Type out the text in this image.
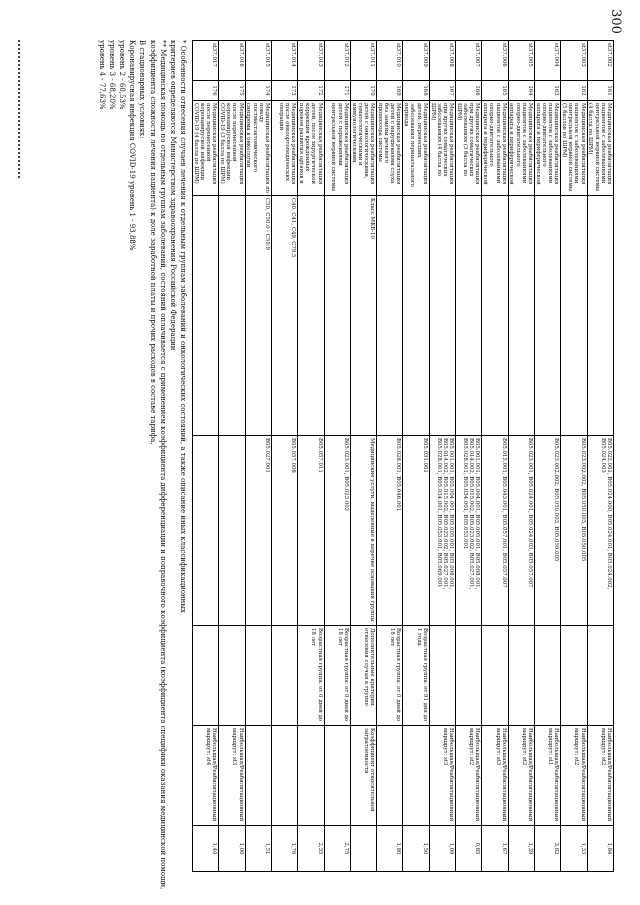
300
st37.002
161
Медицинская реабилитация пациентов с заболеваниями центральной нервной системы (4 балла по ШРМ)
B05.023.001, B05.024.000, B05.024.001, B05.024.002, B05.024.003
Наибольшая/Реабилитационный маршрут: st2
1,84
st37.003
162
Медицинская реабилитация пациентов с заболеваниями центральной нервной системы (5 баллов по ШРМ)
B05.023.002.002, B05.050.003, B05.050.005
Наибольшая/Реабилитационный маршрут: st2
1,33
st37.004
163
Медицинская реабилитация пациентов с заболеваниями опорно-двигательного аппарата и периферической
B05.023.002.002, B05.050.003, B05.050.005
Наибольшая/Реабилитационный маршрут: st1
3,82
st37.005
164
Медицинская реабилитация пациентов с заболеваниями опорно-двигательного аппарата и периферической
B05.023.001, B05.024.001, B05.024.003, B05.057.007
Наибольшая/Реабилитационный маршрут: st2
1,39
st37.006
165
Медицинская реабилитация пациентов с заболеваниями опорно-двигательного аппарата и периферической
B05.015.001, B05.043.001, B05.057.001, B05.057.007
Наибольшая/Реабилитационный маршрут: st3
1,67
st37.007
166
Медицинская реабилитация при других соматических заболеваниях (3 балла по ШРМ)
B05.001.001, B05.004.001, B05.005.001, B05.008.001, B05.014.002, B05.015.002, B05.023.002, B05.027.001, B05.028.001, B05.034.001, B05.053.001
Наибольшая/Реабилитационный маршрут: st2
0,85
st37.008
167
Медицинская реабилитация при других соматических заболеваниях (4 балла по ШРМ)
B05.001.001, B05.004.001, B05.005.001, B05.008.001, B05.014.002, B05.015.002, B05.023.002, B05.027.001, B05.028.001, B05.034.001, B05.053.001, B05.069.001
Наибольшая/Реабилитационный маршрут: st3
1,09
st37.009
168
Медицинская реабилитация детей, перенесших заболевания перинатального периода
B05.031.001
Возрастная группа: от 91 дня до 1 года
1,50
st37.010
169
Медицинская реабилитация детей с нарушениями слуха без замены речевого процессора системы
B05.028.001, B05.046.001
Возрастная группа: от 0 дней до 18 лет
1,80
st37.011
170
Медицинская реабилитация детей с онкологическими, гематологическими и иммунологическими
Класс МКБ-10
Медицинские услуги, выделенные в перечне оснований группы
Дополнительные критерии отнесения случая к группе
Коэффициент относительной затратоемкости
st37.012
171
Медицинская реабилитация детей с поражениями центральной нервной системы
B05.023.001, B05.023.002
Возрастная группа: от 0 дней до 18 лет
2,75
st37.013
172
Медицинская реабилитация детей, после хирургической коррекции врожденных пороков развития органов и
B05.057.011
Возрастная группа: от 0 дней до 18 лет
2,35
st37.014
173
Медицинская реабилитация после онкоортопедических операций
C40, C41, C49, C79.5
B05.057.008
1,76
st37.015
174
Медицинская реабилитация по поводу постмастэктомического синдрома в онкологии
C50, C50.0 - C50.9
B05.027.001
1,51
st37.016
175
Медицинская реабилитация после перенесенной коронавирусной инфекции COVID-19 (3 балла по ШРМ)
Наибольшая/Реабилитационный маршрут: st3
1,00
st37.017
176
Медицинская реабилитация после перенесенной коронавирусной инфекции COVID-19 (4 балла по ШРМ)
Наибольшая/Реабилитационный маршрут: st4
1,40
* Особенности отнесения случаев лечения к отдельным группам заболеваний и онкологических состояний, а также описание иных классификационных
критериев определяются Министерством здравоохранения Российской Федерации
** Медицинская помощь по отдельным группам заболеваний, состояний оплачивается с применением коэффициента дифференциации и поправочного коэффициента (коэффициента специфики оказания медицинской помощи,
коэффициента сложности лечения пациента) к доле заработной платы и прочих расходов в составе тарифа.
В стационарных условиях:
Коронавирусная инфекция COVID-19 уровень 1 - 93,88%
уровень 2 - 60,53%
уровень 3 - 68,20%
уровень 4 - 77,63%
